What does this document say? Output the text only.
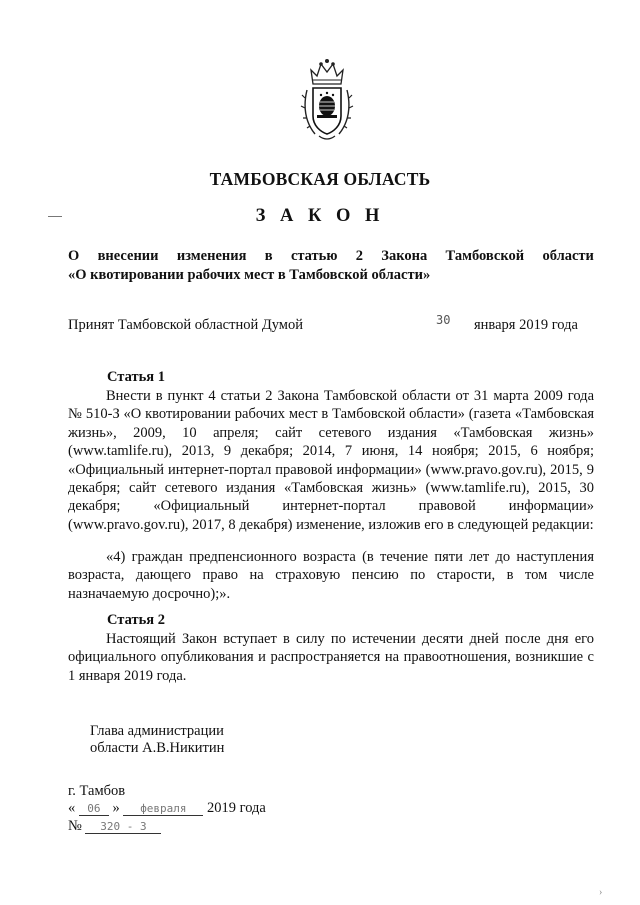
ТАМБОВСКАЯ ОБЛАСТЬ
З А К О Н
О внесении изменения в статью 2 Закона Тамбовской области
«О квотировании рабочих мест в Тамбовской области»
Принят Тамбовской областной Думой	30 января 2019 года
Статья 1
Внести в пункт 4 статьи 2 Закона Тамбовской области от 31 марта 2009 года № 510-З «О квотировании рабочих мест в Тамбовской области» (газета «Тамбовская жизнь», 2009, 10 апреля; сайт сетевого издания «Тамбовская жизнь» (www.tamlife.ru), 2013, 9 декабря; 2014, 7 июня, 14 ноября; 2015, 6 ноября; «Официальный интернет-портал правовой информации» (www.pravo.gov.ru), 2015, 9 декабря; сайт сетевого издания «Тамбовская жизнь» (www.tamlife.ru), 2015, 30 декабря; «Официальный интернет-портал правовой информации» (www.pravo.gov.ru), 2017, 8 декабря) изменение, изложив его в следующей редакции:
«4) граждан предпенсионного возраста (в течение пяти лет до наступления возраста, дающего право на страховую пенсию по старости, в том числе назначаемую досрочно);».
Статья 2
Настоящий Закон вступает в силу по истечении десяти дней после дня его официального опубликования и распространяется на правоотношения, возникшие с 1 января 2019 года.
Глава администрации
области А.В.Никитин
г. Тамбов
« 06 » февраля 2019 года
№ 320 - З
›
